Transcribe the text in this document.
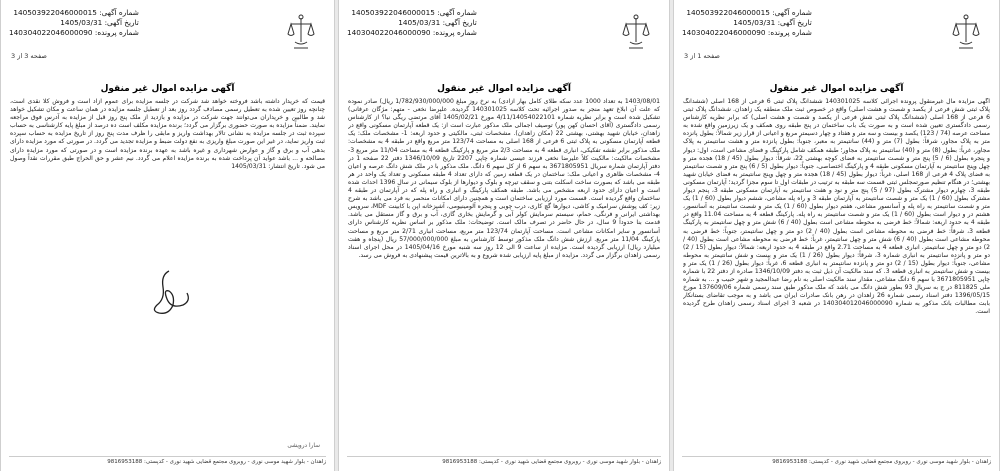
شماره آگهی: 140503922046000015
تاریخ آگهی: 1405/03/31
شماره پرونده: 140304022046000090
صفحه 1 از 3
آگهی مزایده اموال غیر منقول
آگهی مزایده مال غیرمنقول پرونده اجرائی کلاسه 140301025 ششدانگ پلاک ثبتی 6 فرعی از 168 اصلی (ششدانگ پلاک ثبتی شش فرعی از یکصد و شصت و هشت اصلی) واقع در خصوص ثبت ملک منطقه یک زاهدان. ششدانگ پلاک ثبتی 6 فرعی از 168 اصلی (ششدانگ پلاک ثبتی شش فرعی از یکصد و شصت و هشت اصلی) که برابر نظریه کارشناس رسمی دادگستری تعیین شده است و به صورت یک باب ساختمان در پنج طبقه روی همکف و یک زیرزمین واقع شده به مساحت عرصه (74 / 123) یکصد و بیست و سه متر و هفتاد و چهار دسیمتر مربع و اعیانی از قرار زیر شمالاً: بطول پانزده متر به پلاک مجاور، شرقاً: بطول (7) متر و (44) سانتیمتر به معبر، جنوباً: بطول پانزده متر و هشت سانتیمتر به پلاک مجاور، غرباً: بطول (8) متر و (40) سانتیمتر به پلاک مجاور؛ طبقه همکف شامل پارکینگ و فضای مشاعی است، اول: دیوار و پنجره بطول (6 / 5) پنج متر و شصت سانتیمتر به فضای کوچه بهشتی 22، شرقاً: دیوار بطول (45 / 18) هجده متر و چهل وپنج سانتیمتر به آپارتمان مسکونی طبقه 4 و پارکینگ اختصاصی، جنوباً: دیوار بطول (5 / 6) پنج متر و شصت سانتیمتر به فضای پلاک 4 فرعی از 168 اصلی، غرباً: دیوار بطول (45 / 18) هجده متر و چهل وپنج سانتیمتر به فضای خیابان شهید بهشتی؛ در هنگام تنظیم صورتمجلس ثبتی قسمت سه طبقه به ترتیب در طبقات اول تا سوم مجزا گردید؛ آپارتمان مسکونی طبقه 3، چهارم دیوار مشترک بطول (97 / 5) پنج متر و نود و هفت سانتیمتر به آپارتمان مسکونی طبقه 3، پنجم دیوار مشترک بطول (60 / 1) یک متر و شصت سانتیمتر به آپارتمان طبقه 3 و راه پله مشاعی، ششم دیوار بطول (60 / 1) یک متر و شصت سانتیمتر به راه پله و آسانسور مشاعی، هفتم دیوار بطول (60 / 1) یک متر و شصت سانتیمتر به آسانسور، هشتم در و دیوار است بطول (60 / 1) یک متر و شصت سانتیمتر به راه پله. پارکینگ قطعه 4 به مساحت 11.04 واقع در طبقه 4 به حدود اربعه: شمالاً: خط فرضی به محوطه مشاعی است بطول (40 / 6) شش متر و چهل سانتیمتر به پارکینگ قطعه 3، شرقاً: خط فرضی به محوطه مشاعی است بطول (40 / 2) دو متر و چهل سانتیمتر، جنوباً: خط فرضی به محوطه مشاعی است بطول (40 / 6) شش متر و چهل سانتیمتر، غرباً: خط فرضی به محوطه مشاعی است بطول (40 / 2) دو متر و چهل سانتیمتر. انباری قطعه 4 به مساحت 2.71 واقع در طبقه 4 به حدود اربعه: شمالاً: دیوار بطول (15 / 2) دو متر و پانزده سانتیمتر به انباری شماره 3، شرقاً: دیوار بطول (26 / 1) یک متر و بیست و شش سانتیمتر به محوطه مشاعی، جنوباً: دیوار بطول (15 / 2) دو متر و پانزده سانتیمتر به انباری قطعه 6، غرباً: دیوار بطول (26 / 1) یک متر و بیست و شش سانتیمتر به انباری قطعه 3. که سند مالکیت آن ذیل ثبت به دفتر 1346/10/09 صادره از دفتر 22 با شماره چاپی 3671805951 با سهم 6 دانگ مشاعی، مقدار سند مالکیت اصلی به نام رضا عبدالمجید و شهر حبیب و ... به شماره ملی 811825 در ج به سریال 93 بطور شش دانگ می باشد که ملک مذکور طبق سند رسمی شماره 137609/06 مورخ 1396/05/15 دفتر اسناد رسمی شماره 26 زاهدان در رهن بانک صادرات ایران می باشد و به موجب تقاضای بستانکار بابت مطالبات بانک مذکور به شماره 140304012046000090 در شعبه 3 اجرای اسناد رسمی زاهدان طرح گردیده است.
زاهدان - بلوار شهید موسی نوری - روبروی مجتمع قضایی شهید نوری - کدپستی: 9816953188
شماره آگهی: 140503922046000015
تاریخ آگهی: 1405/03/31
شماره پرونده: 140304022046000090
آگهی مزایده اموال غیر منقول
1403/08/01 به تعداد 1000 عدد سکه طلای کامل بهار آزادی) به نرخ روز مبلغ 1/782/930/000/000 ریال) صادر نموده که علت آن ابلاغ تعهد منجر به صدور اجرائیه تحت کلاسه 140301025 گردیده. علیرضا نخعی - متهم: مژگان عرفانی) تشکیل شده است و برابر نظریه شماره 4/11/14054022101 مورخ 1405/02/21 آقای مرتضی ریگی نیا؟ از کارشناس رسمی دادگستری (آقای احسان کهن پور) توصیف اجمالی ملک مذکور عبارت است از: یک قطعه آپارتمان مسکونی واقع در زاهدان، خیابان شهید بهشتی، بهشتی 22 (مکان زاهدان). مشخصات ثبتی، مالکیتی و حدود اربعه: 1- مشخصات ملک: یک قطعه آپارتمان مسکونی به پلاک ثبتی 6 فرعی از 168 اصلی به مساحت 123/74 متر مربع واقع در طبقه 4 به مشخصات: ملک مذکور برابر نقشه تفکیکی، انباری قطعه 4 به مساحت 2/3 متر مربع و پارکینگ قطعه 4 به مساحت 11/04 متر مربع 3- مشخصات مالکیت: مالکیت کلاً علیرضا نخعی فرزند عیسی شماره چاپی 2207 تاریخ 1346/10/09 دفتر 22 صفحه 1 در دفتر آپارتمان شماره سریال 3671805951 به سهم 6 از کل سهم 6 دانگ. ملک مذکور با در ملک شش دانگ عرصه و اعیان 4- مشخصات ظاهری و اعیانی ملک: ساختمان در یک قطعه زمین که دارای تعداد 4 طبقه مسکونی و تعداد یک واحد در هر طبقه می باشد که بصورت ساخت اسکلت بتنی و سقف تیرچه و بلوک و دیوارها از بلوک سیمانی در سال 1396 احداث شده است و اعیان دارای حدود اربعه مشخص می باشد. طبقه همکف پارکینگ و انباری و راه پله که در آپارتمان در طبقه 4 ساختمان واقع گردیده است. قسمت مورد ارزیابی ساختمان است و همچنین دارای امکانات منحصر به فرد می باشد به شرح زیر: کف پوشش سرامیک و کاشی، دیوارها گچ کاری، درب چوبی و پنجره آلومینیومی، آشپزخانه اپن با کابینت MDF، سرویس بهداشتی ایرانی و فرنگی، حمام، سیستم سرمایش کولر آبی و گرمایش بخاری گازی، آب و برق و گاز مستقل می باشد. قدمت بنا حدوداً 9 سال، در حال حاضر در تصرف مالک است. توضیحات: ملک مذکور بر اساس نظریه کارشناس دارای آسانسور و سایر امکانات مشاعی است. مساحت آپارتمان 123/74 متر مربع، مساحت انباری 2/71 متر مربع و مساحت پارکینگ 11/04 متر مربع. ارزش شش دانگ ملک مذکور توسط کارشناس به مبلغ 57/000/000/000 ریال (پنجاه و هفت میلیارد ریال) ارزیابی گردیده است. مزایده از ساعت 9 الی 12 روز سه شنبه مورخ 1405/04/16 در محل اجرای اسناد رسمی زاهدان برگزار می گردد. مزایده از مبلغ پایه ارزیابی شده شروع و به بالاترین قیمت پیشنهادی به فروش می رسد.
زاهدان - بلوار شهید موسی نوری - روبروی مجتمع قضایی شهید نوری - کدپستی: 9816953188
شماره آگهی: 140503922046000015
تاریخ آگهی: 1405/03/31
شماره پرونده: 140304022046000090
صفحه 3 از 3
آگهی مزایده اموال غیر منقول
قیمت که خریدار داشته باشد فروخته خواهد شد شرکت در جلسه مزایده برای عموم آزاد است و فروش کلا نقدی است، چنانچه روز تعیین شده به تعطیل رسمی مصادف گردد روز بعد از تعطیل جلسه مزایده در همان ساعت و مکان تشکیل خواهد شد و طالبین و خریداران می‌توانند جهت شرکت در مزایده و بازدید از ملک پنج روز قبل از مزایده به آدرس فوق مراجعه نمایند. ضمناً مزایده به صورت حضوری برگزار می گردد؛ برنده مزایده مکلف است ده درصد از مبلغ پایه کارشناسی به حساب سپرده ثبت در جلسه مزایده به نشانی تالار بهداشت واریز و مابقی را ظرف مدت پنج روز از تاریخ مزایده به حساب سپرده ثبت واریز نماید، در غیر این صورت مبلغ واریزی به نفع دولت ضبط و مزایده تجدید می گردد. در صورتی که مورد مزایده دارای بدهی آب و برق و گاز و عوارض شهرداری و غیره باشد به عهده برنده مزایده است و در صورتی که مورد مزایده دارای مصالحه و ... باشد عواید آن پرداخت شده به برنده مزایده اعلام می گردد. نیم عشر و حق الحراج طبق مقررات نقداً وصول می شود. تاریخ انتشار: 1405/03/31
سارا درویشی
زاهدان - بلوار شهید موسی نوری - روبروی مجتمع قضایی شهید نوری - کدپستی: 9816953188
